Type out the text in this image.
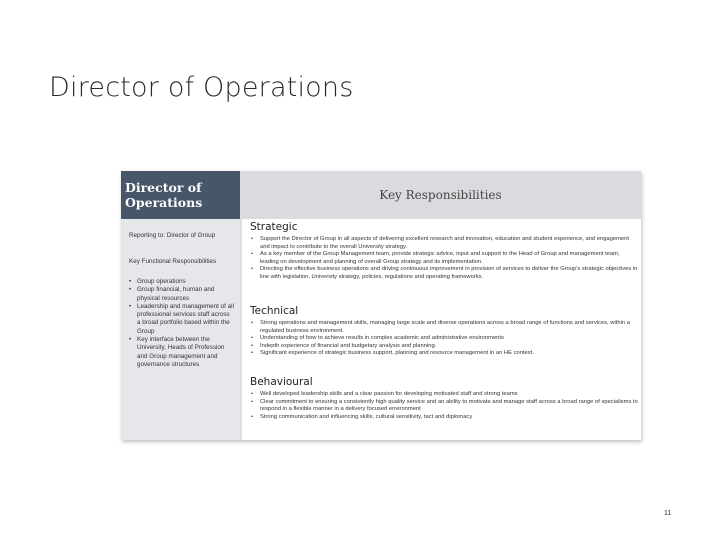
Director of Operations
Director of Operations
Reporting to: Director of Group
Key Functional Responsibilities
• Group operations
• Group financial, human and physical resources
• Leadership and management of all professional services staff across a broad portfolio based within the Group
• Key interface between the University, Heads of Profession and Group management and governance structures
Key Responsibilities
Strategic
• Support the Director of Group in all aspects of delivering excellent research and innovation, education and student experience, and engagement and impact to contribute to the overall University strategy.
• As a key member of the Group Management team, provide strategic advice, input and support to the Head of Group and management team, leading on development and planning of overall Group strategy and its implementation.
• Directing the effective business operations and driving continuous improvement in provision of services to deliver the Group's strategic objectives in line with legislation, University strategy, policies, regulations and operating frameworks.
Technical
• Strong operations and management skills, managing large scale and diverse operations across a broad range of functions and services, within a regulated business environment.
• Understanding of how to achieve results in complex academic and administrative environments
• Indepth experience of financial and budgetary analysis and planning.
• Significant experience of strategic business support, planning and resource management in an HE context.
Behavioural
• Well developed leadership skills and a clear passion for developing motivated staff and strong teams
• Clear commitment to ensuring a consistently high quality service and an ability to motivate and manage staff across a broad range of specialisms to respond in a flexible manner in a delivery focused environment
• Strong communication and influencing skills, cultural sensitivity, tact and diplomacy
11
